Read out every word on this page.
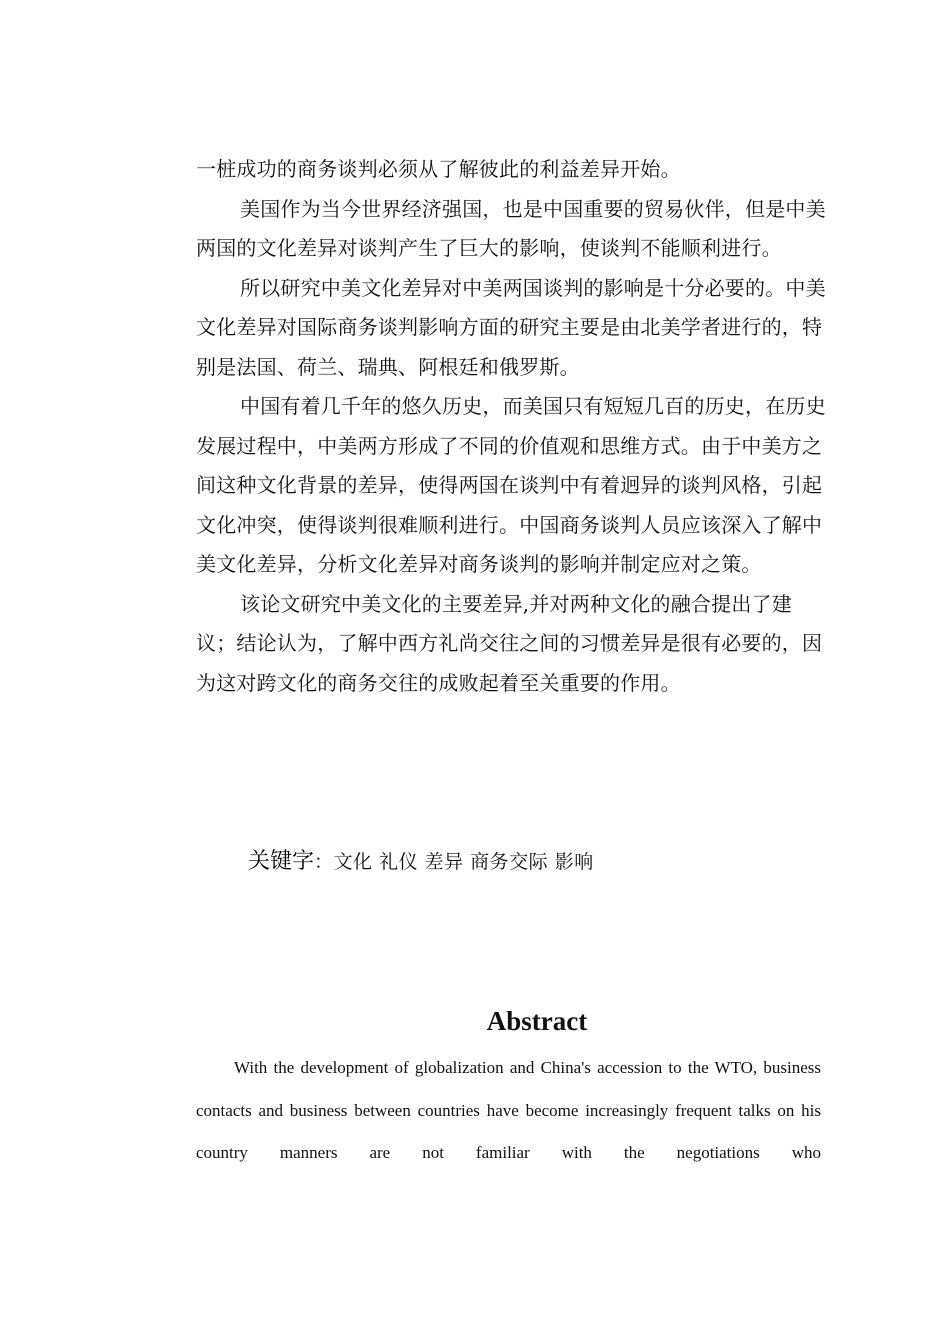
一桩成功的商务谈判必须从了解彼此的利益差异开始。

美国作为当今世界经济强国，也是中国重要的贸易伙伴，但是中美两国的文化差异对谈判产生了巨大的影响，使谈判不能顺利进行。

所以研究中美文化差异对中美两国谈判的影响是十分必要的。中美文化差异对国际商务谈判影响方面的研究主要是由北美学者进行的，特别是法国、荷兰、瑞典、阿根廷和俄罗斯。

中国有着几千年的悠久历史，而美国只有短短几百的历史，在历史发展过程中，中美两方形成了不同的价值观和思维方式。由于中美方之间这种文化背景的差异，使得两国在谈判中有着迥异的谈判风格，引起文化冲突，使得谈判很难顺利进行。中国商务谈判人员应该深入了解中美文化差异，分析文化差异对商务谈判的影响并制定应对之策。

该论文研究中美文化的主要差异,并对两种文化的融合提出了建议；结论认为，了解中西方礼尚交往之间的习惯差异是很有必要的，因为这对跨文化的商务交往的成败起着至关重要的作用。

关键字：文化 礼仪 差异 商务交际 影响
Abstract

With the development of globalization and China's accession to the WTO, business contacts and business between countries have become increasingly frequent talks on his country manners are not familiar with the negotiations who
